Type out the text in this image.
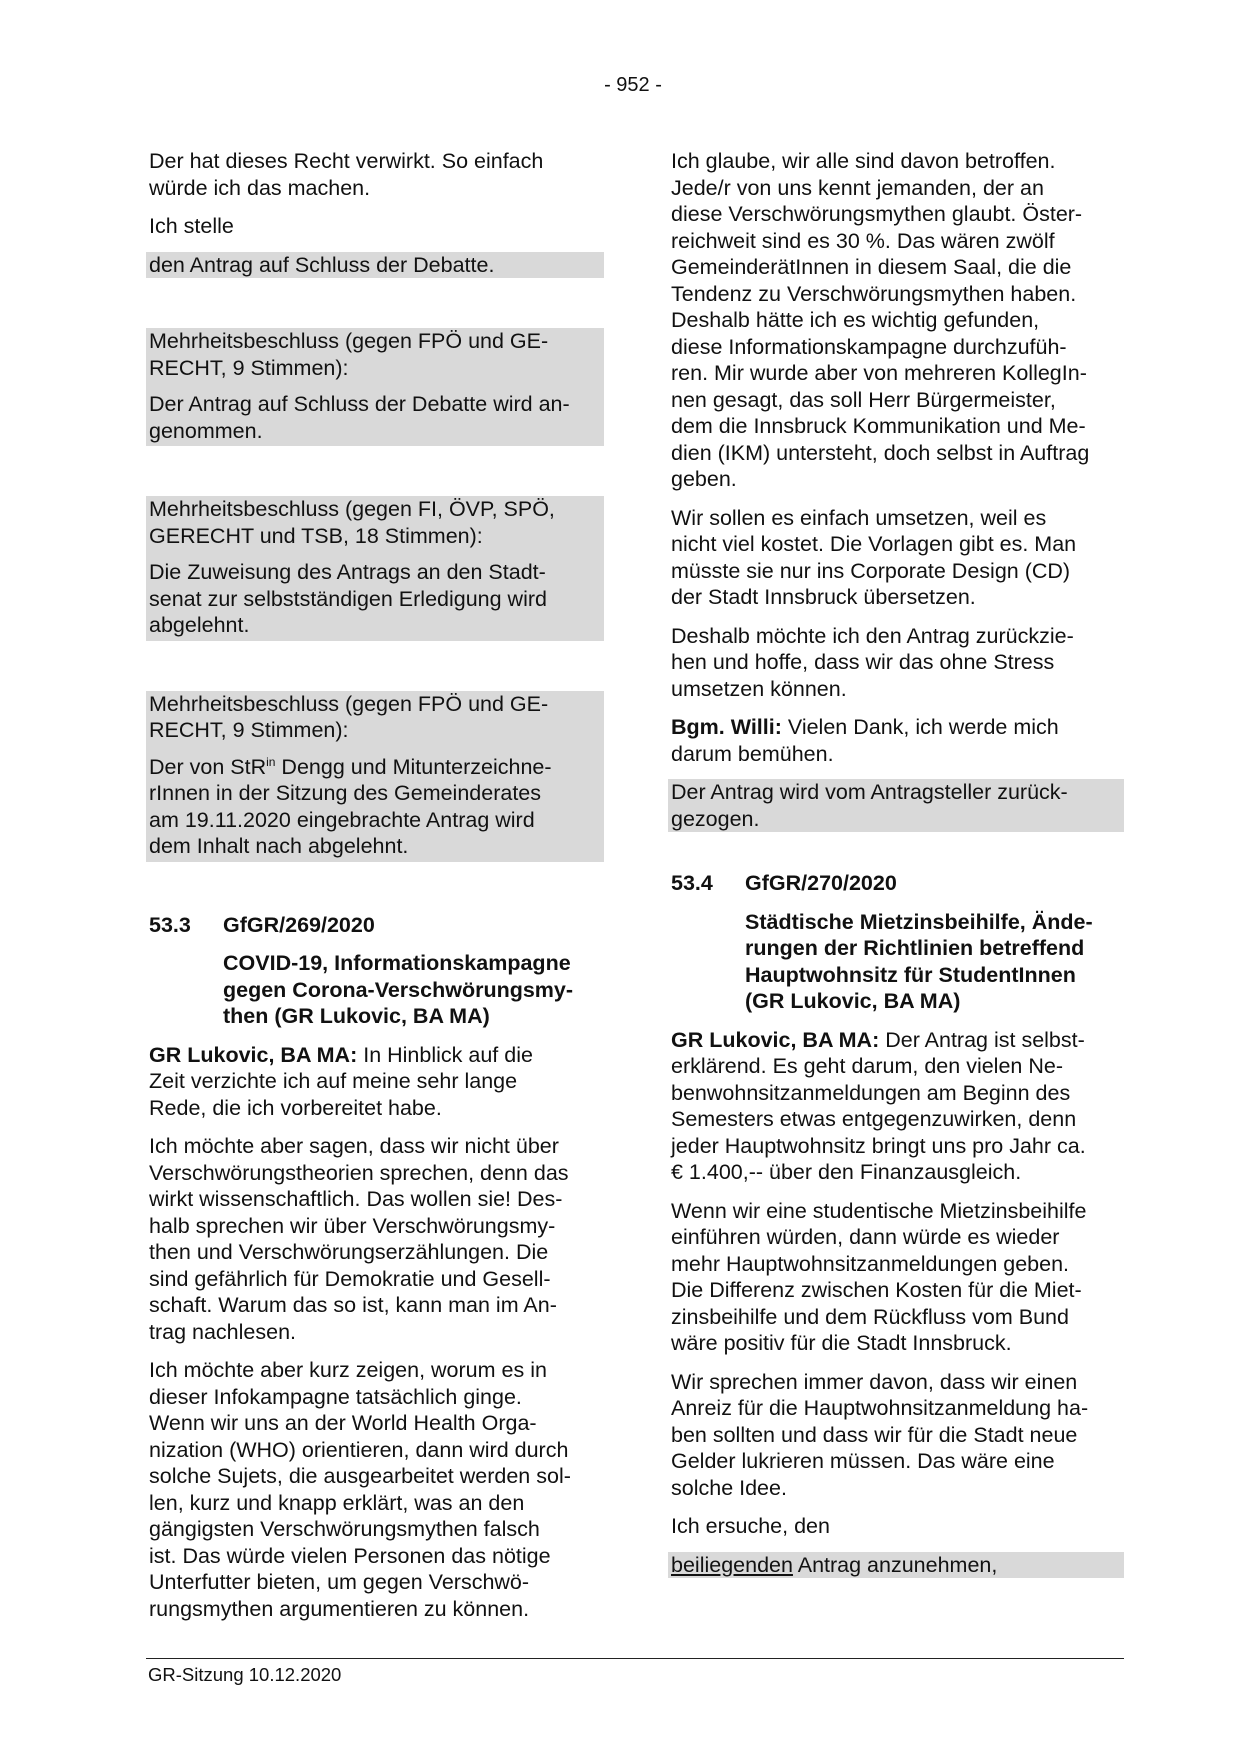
- 952 -
Der hat dieses Recht verwirkt. So einfach
würde ich das machen.
Ich stelle
den Antrag auf Schluss der Debatte.
Mehrheitsbeschluss (gegen FPÖ und GE-
RECHT, 9 Stimmen):
Der Antrag auf Schluss der Debatte wird an-
genommen.
Mehrheitsbeschluss (gegen FI, ÖVP, SPÖ,
GERECHT und TSB, 18 Stimmen):
Die Zuweisung des Antrags an den Stadt-
senat zur selbstständigen Erledigung wird
abgelehnt.
Mehrheitsbeschluss (gegen FPÖ und GE-
RECHT, 9 Stimmen):
Der von StR$^{in}$ Dengg und Mitunterzeichne-
rInnen in der Sitzung des Gemeinderates
am 19.11.2020 eingebrachte Antrag wird
dem Inhalt nach abgelehnt.
53.3	GfGR/269/2020
COVID-19, Informationskampagne
gegen Corona-Verschwörungsmy-
then (GR Lukovic, BA MA)
GR Lukovic, BA MA: In Hinblick auf die
Zeit verzichte ich auf meine sehr lange
Rede, die ich vorbereitet habe.
Ich möchte aber sagen, dass wir nicht über
Verschwörungstheorien sprechen, denn das
wirkt wissenschaftlich. Das wollen sie! Des-
halb sprechen wir über Verschwörungsmy-
then und Verschwörungserzählungen. Die
sind gefährlich für Demokratie und Gesell-
schaft. Warum das so ist, kann man im An-
trag nachlesen.
Ich möchte aber kurz zeigen, worum es in
dieser Infokampagne tatsächlich ginge.
Wenn wir uns an der World Health Orga-
nization (WHO) orientieren, dann wird durch
solche Sujets, die ausgearbeitet werden sol-
len, kurz und knapp erklärt, was an den
gängigsten Verschwörungsmythen falsch
ist. Das würde vielen Personen das nötige
Unterfutter bieten, um gegen Verschwö-
rungsmythen argumentieren zu können.
Ich glaube, wir alle sind davon betroffen.
Jede/r von uns kennt jemanden, der an
diese Verschwörungsmythen glaubt. Öster-
reichweit sind es 30 %. Das wären zwölf
GemeinderätInnen in diesem Saal, die die
Tendenz zu Verschwörungsmythen haben.
Deshalb hätte ich es wichtig gefunden,
diese Informationskampagne durchzufüh-
ren. Mir wurde aber von mehreren KollegIn-
nen gesagt, das soll Herr Bürgermeister,
dem die Innsbruck Kommunikation und Me-
dien (IKM) untersteht, doch selbst in Auftrag
geben.
Wir sollen es einfach umsetzen, weil es
nicht viel kostet. Die Vorlagen gibt es. Man
müsste sie nur ins Corporate Design (CD)
der Stadt Innsbruck übersetzen.
Deshalb möchte ich den Antrag zurückzie-
hen und hoffe, dass wir das ohne Stress
umsetzen können.
Bgm. Willi: Vielen Dank, ich werde mich
darum bemühen.
Der Antrag wird vom Antragsteller zurück-
gezogen.
53.4	GfGR/270/2020
Städtische Mietzinsbeihilfe, Ände-
rungen der Richtlinien betreffend
Hauptwohnsitz für StudentInnen
(GR Lukovic, BA MA)
GR Lukovic, BA MA: Der Antrag ist selbst-
erklärend. Es geht darum, den vielen Ne-
benwohnsitzanmeldungen am Beginn des
Semesters etwas entgegenzuwirken, denn
jeder Hauptwohnsitz bringt uns pro Jahr ca.
€ 1.400,-- über den Finanzausgleich.
Wenn wir eine studentische Mietzinsbeihilfe
einführen würden, dann würde es wieder
mehr Hauptwohnsitzanmeldungen geben.
Die Differenz zwischen Kosten für die Miet-
zinsbeihilfe und dem Rückfluss vom Bund
wäre positiv für die Stadt Innsbruck.
Wir sprechen immer davon, dass wir einen
Anreiz für die Hauptwohnsitzanmeldung ha-
ben sollten und dass wir für die Stadt neue
Gelder lukrieren müssen. Das wäre eine
solche Idee.
Ich ersuche, den
beiliegenden Antrag anzunehmen,
GR-Sitzung 10.12.2020
